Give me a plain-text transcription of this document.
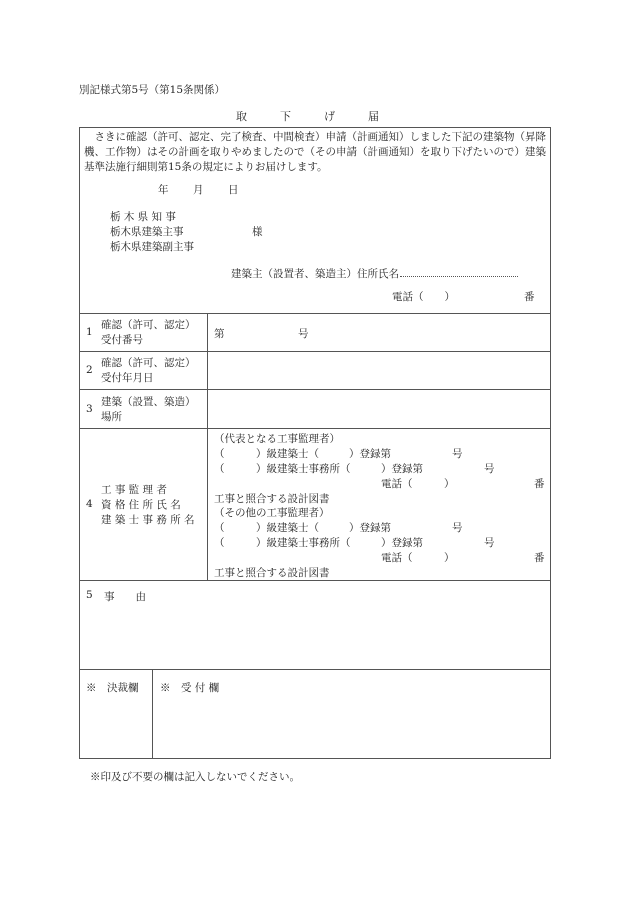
別記様式第5号（第15条関係）
取　　　下　　　げ　　　届
さきに確認（許可、認定、完了検査、中間検査）申請（計画通知）しました下記の建築物（昇降機、工作物）はその計画を取りやめましたので（その申請（計画通知）を取り下げたいので）建築基準法施行細則第15条の規定によりお届けします。
年 月 日
栃 木 県 知 事
栃木県建築主事
栃木県建築副主事
様
建築主（設置者、築造主）住所氏名
電話（　　）	番
1
確認（許可、認定）
受付番号	第	号
2
確認（許可、認定）
受付年月日
3
建築（設置、築造）
場所
4
工 事 監 理 者
資 格 住 所 氏 名
建 築 士 事 務 所 名
（代表となる工事監理者）
（　　　）級建築士（	）登録第	号
（　　　）級建築士事務所（	）登録第	号
電話（　　　）	番
工事と照合する設計図書
（その他の工事監理者）
（　　　）級建築士（	）登録第	号
（　　　）級建築士事務所（	）登録第	号
電話（　　　）	番
工事と照合する設計図書
5 事　　由
※　決裁欄 ※　受 付 欄
※印及び不要の欄は記入しないでください。
